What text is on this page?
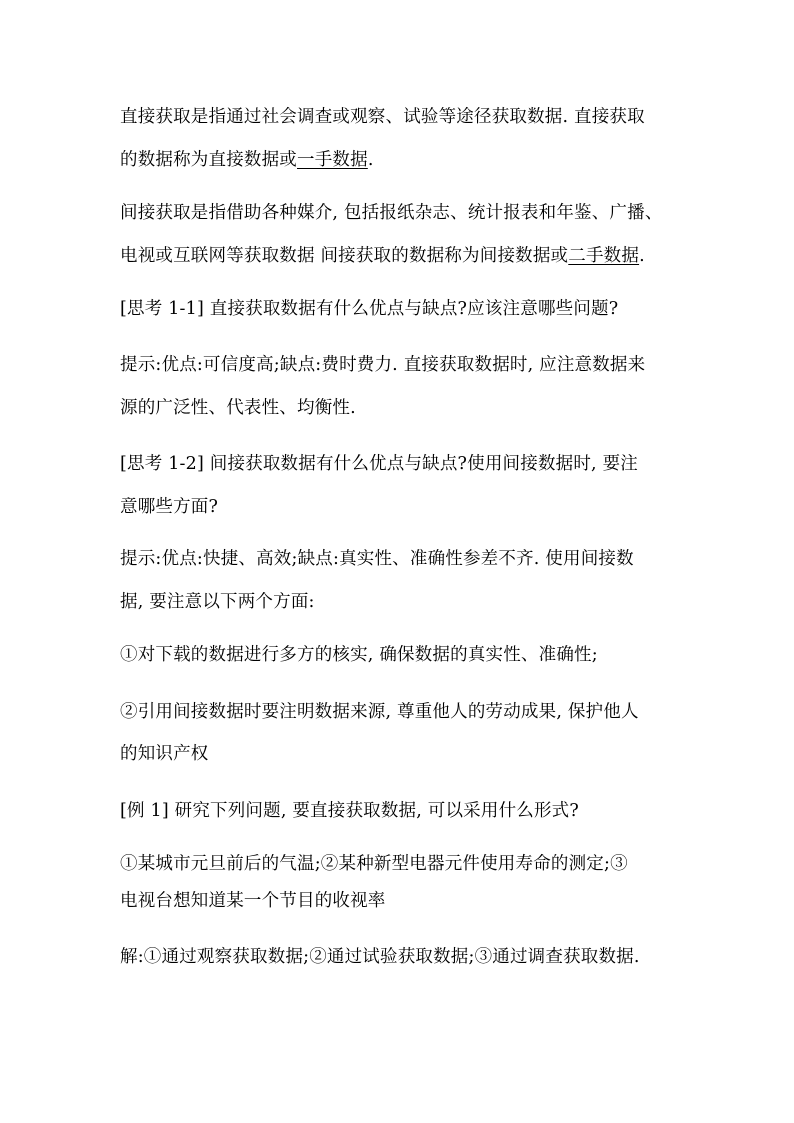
直接获取是指通过社会调查或观察、试验等途径获取数据. 直接获取
的数据称为直接数据或一手数据.
间接获取是指借助各种媒介, 包括报纸杂志、统计报表和年鉴、广播、
电视或互联网等获取数据 间接获取的数据称为间接数据或二手数据.
[思考 1-1] 直接获取数据有什么优点与缺点?应该注意哪些问题?
提示:优点:可信度高;缺点:费时费力. 直接获取数据时, 应注意数据来
源的广泛性、代表性、均衡性.
[思考 1-2] 间接获取数据有什么优点与缺点?使用间接数据时, 要注
意哪些方面?
提示:优点:快捷、高效;缺点:真实性、准确性参差不齐. 使用间接数
据, 要注意以下两个方面:
①对下载的数据进行多方的核实, 确保数据的真实性、准确性;
②引用间接数据时要注明数据来源, 尊重他人的劳动成果, 保护他人
的知识产权
[例 1] 研究下列问题, 要直接获取数据, 可以采用什么形式?
①某城市元旦前后的气温;②某种新型电器元件使用寿命的测定;③
电视台想知道某一个节目的收视率
解:①通过观察获取数据;②通过试验获取数据;③通过调查获取数据.
